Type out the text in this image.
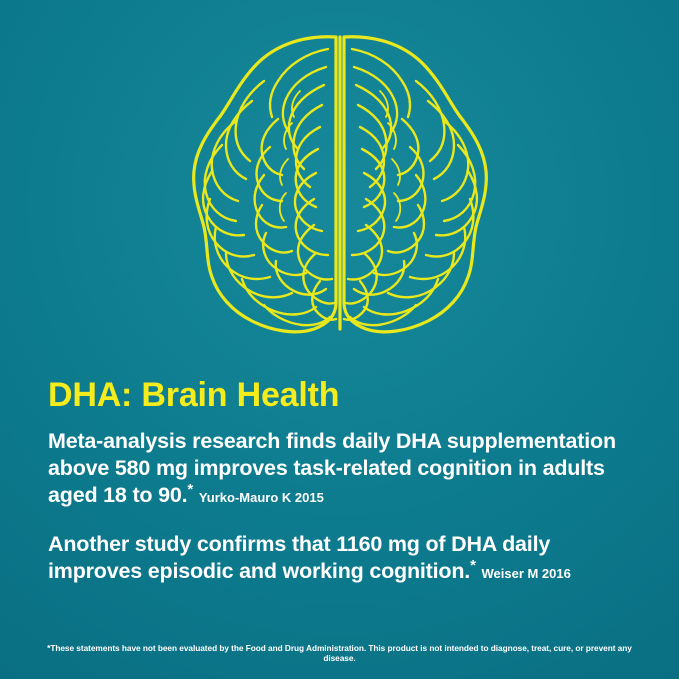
DHA: Brain Health

Meta-analysis research finds daily DHA supplementation above 580 mg improves task-related cognition in adults aged 18 to 90.* Yurko-Mauro K 2015

Another study confirms that 1160 mg of DHA daily improves episodic and working cognition.* Weiser M 2016

*These statements have not been evaluated by the Food and Drug Administration. This product is not intended to diagnose, treat, cure, or prevent any disease.
